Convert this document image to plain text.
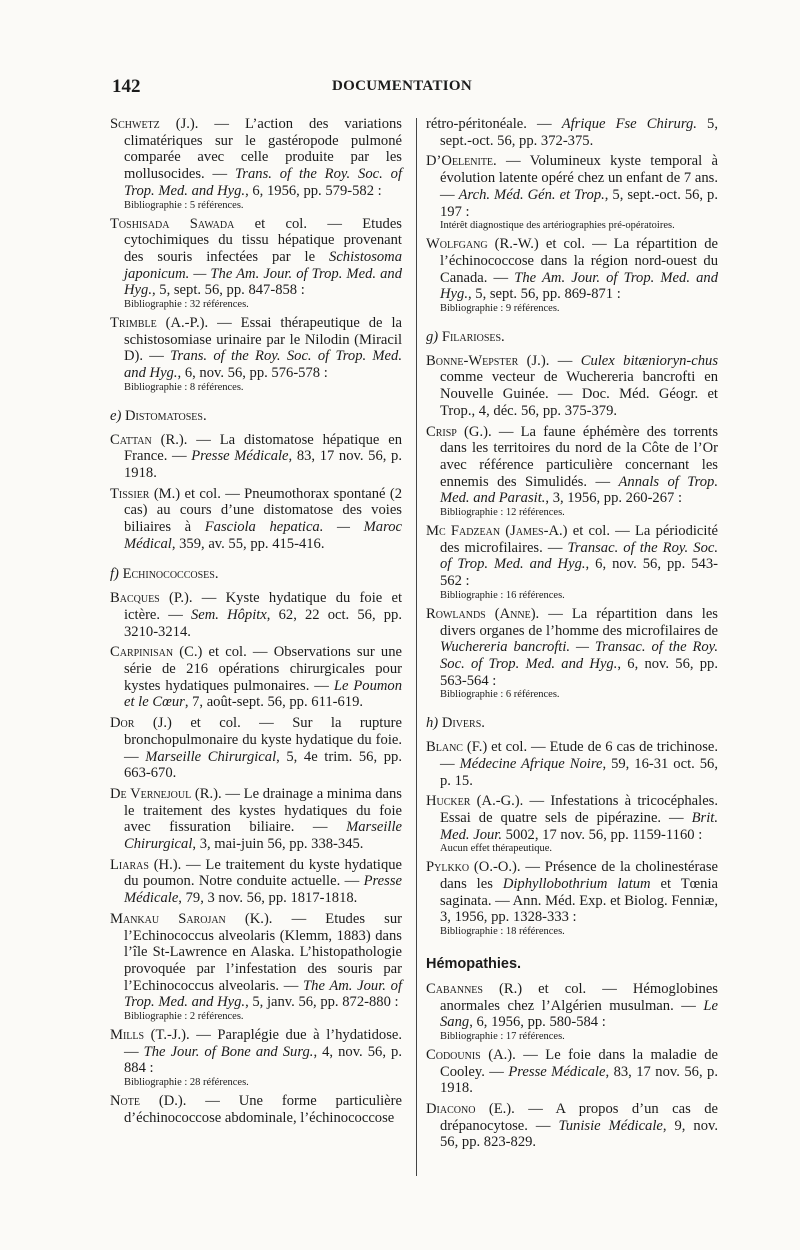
142	DOCUMENTATION

Schwetz (J.). — L’action des variations climatériques sur le gastéropode pulmoné comparée avec celle produite par les mollusocides. — Trans. of the Roy. Soc. of Trop. Med. and Hyg., 6, 1956, pp. 579-582 :
Bibliographie : 5 références.

Toshisada Sawada et col. — Etudes cytochimiques du tissu hépatique provenant des souris infectées par le Schistosoma japonicum. — The Am. Jour. of Trop. Med. and Hyg., 5, sept. 56, pp. 847-858 :
Bibliographie : 32 références.

Trimble (A.-P.). — Essai thérapeutique de la schistosomiase urinaire par le Nilodin (Miracil D). — Trans. of the Roy. Soc. of Trop. Med. and Hyg., 6, nov. 56, pp. 576-578 :
Bibliographie : 8 références.

e) Distomatoses.

Cattan (R.). — La distomatose hépatique en France. — Presse Médicale, 83, 17 nov. 56, p. 1918.

Tissier (M.) et col. — Pneumothorax spontané (2 cas) au cours d’une distomatose des voies biliaires à Fasciola hepatica. — Maroc Médical, 359, av. 55, pp. 415-416.

f) Echinococcoses.

Bacques (P.). — Kyste hydatique du foie et ictère. — Sem. Hôpitx, 62, 22 oct. 56, pp. 3210-3214.

Carpinisan (C.) et col. — Observations sur une série de 216 opérations chirurgicales pour kystes hydatiques pulmonaires. — Le Poumon et le Cœur, 7, août-sept. 56, pp. 611-619.

Dor (J.) et col. — Sur la rupture bronchopulmonaire du kyste hydatique du foie. — Marseille Chirurgical, 5, 4e trim. 56, pp. 663-670.

De Vernejoul (R.). — Le drainage a minima dans le traitement des kystes hydatiques du foie avec fissuration biliaire. — Marseille Chirurgical, 3, mai-juin 56, pp. 338-345.

Liaras (H.). — Le traitement du kyste hydatique du poumon. Notre conduite actuelle. — Presse Médicale, 79, 3 nov. 56, pp. 1817-1818.

Mankau Sarojan (K.). — Etudes sur l’Echinococcus alveolaris (Klemm, 1883) dans l’île St-Lawrence en Alaska. L’histopathologie provoquée par l’infestation des souris par l’Echinococcus alveolaris. — The Am. Jour. of Trop. Med. and Hyg., 5, janv. 56, pp. 872-880 :
Bibliographie : 2 références.

Mills (T.-J.). — Paraplégie due à l’hydatidose. — The Jour. of Bone and Surg., 4, nov. 56, p. 884 :
Bibliographie : 28 références.

Note (D.). — Une forme particulière d’échinococcose abdominale, l’échinococcose

rétro-péritonéale. — Afrique Fse Chirurg. 5, sept.-oct. 56, pp. 372-375.

D’Oelenite. — Volumineux kyste temporal à évolution latente opéré chez un enfant de 7 ans. — Arch. Méd. Gén. et Trop., 5, sept.-oct. 56, p. 197 :
Intérêt diagnostique des artériographies pré-opératoires.

Wolfgang (R.-W.) et col. — La répartition de l’échinococcose dans la région nord-ouest du Canada. — The Am. Jour. of Trop. Med. and Hyg., 5, sept. 56, pp. 869-871 :
Bibliographie : 9 références.

g) Filarioses.

Bonne-Wepster (J.). — Culex bitænioryn-chus comme vecteur de Wuchereria bancrofti en Nouvelle Guinée. — Doc. Méd. Géogr. et Trop., 4, déc. 56, pp. 375-379.

Crisp (G.). — La faune éphémère des torrents dans les territoires du nord de la Côte de l’Or avec référence particulière concernant les ennemis des Simulidés. — Annals of Trop. Med. and Parasit., 3, 1956, pp. 260-267 :
Bibliographie : 12 références.

Mc Fadzean (James-A.) et col. — La périodicité des microfilaires. — Transac. of the Roy. Soc. of Trop. Med. and Hyg., 6, nov. 56, pp. 543-562 :
Bibliographie : 16 références.

Rowlands (Anne). — La répartition dans les divers organes de l’homme des microfilaires de Wuchereria bancrofti. — Transac. of the Roy. Soc. of Trop. Med. and Hyg., 6, nov. 56, pp. 563-564 :
Bibliographie : 6 références.

h) Divers.

Blanc (F.) et col. — Etude de 6 cas de trichinose. — Médecine Afrique Noire, 59, 16-31 oct. 56, p. 15.

Hucker (A.-G.). — Infestations à tricocéphales. Essai de quatre sels de pipérazine. — Brit. Med. Jour. 5002, 17 nov. 56, pp. 1159-1160 :
Aucun effet thérapeutique.

Pylkko (O.-O.). — Présence de la cholinestérase dans les Diphyllobothrium latum et Tœnia saginata. — Ann. Méd. Exp. et Biolog. Fenniæ, 3, 1956, pp. 1328-333 :
Bibliographie : 18 références.

Hémopathies.

Cabannes (R.) et col. — Hémoglobines anormales chez l’Algérien musulman. — Le Sang, 6, 1956, pp. 580-584 :
Bibliographie : 17 références.

Codounis (A.). — Le foie dans la maladie de Cooley. — Presse Médicale, 83, 17 nov. 56, p. 1918.

Diacono (E.). — A propos d’un cas de drépanocytose. — Tunisie Médicale, 9, nov. 56, pp. 823-829.
